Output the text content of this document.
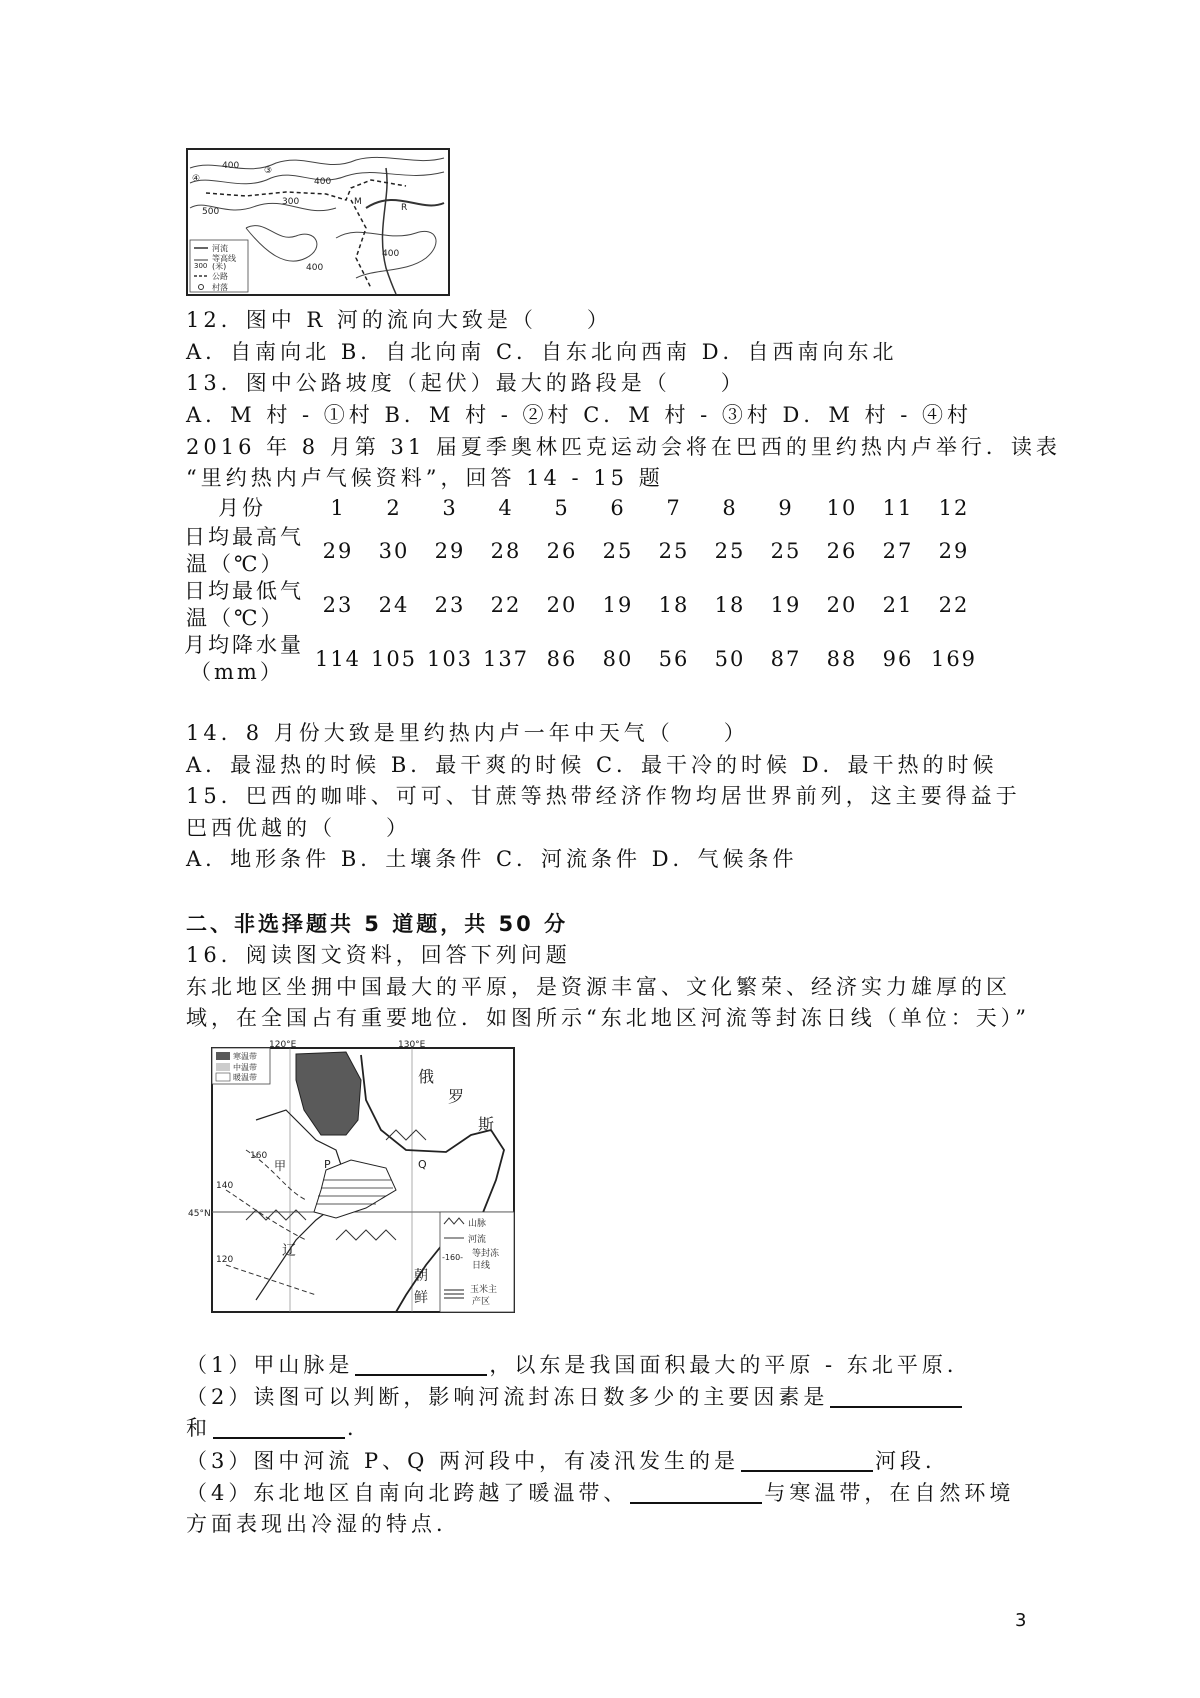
④
③
M
R
400
400
300
500
400
400
河流
等高线
(米)
300
公路
村落
12．图中 R 河的流向大致是（　　）
A．自南向北 B．自北向南 C．自东北向西南 D．自西南向东北
13．图中公路坡度（起伏）最大的路段是（　　）
A．M 村 - ①村 B．M 村 - ②村 C．M 村 - ③村 D．M 村 - ④村
2016 年 8 月第 31 届夏季奥林匹克运动会将在巴西的里约热内卢举行．读表
“里约热内卢气候资料”，回答 14 - 15 题
月份	1	2	3	4	5	6	7	8	9	10	11	12
日均最高气
温（℃）	29	30	29	28	26	25	25	25	25	26	27	29
日均最低气
温（℃）	23	24	23	22	20	19	18	18	19	20	21	22
月均降水量
（mm）	114	105	103	137	86	80	56	50	87	88	96	169
14．8 月份大致是里约热内卢一年中天气（　　）
A．最湿热的时候 B．最干爽的时候 C．最干冷的时候 D．最干热的时候
15．巴西的咖啡、可可、甘蔗等热带经济作物均居世界前列，这主要得益于
巴西优越的（　　）
A．地形条件 B．土壤条件 C．河流条件 D．气候条件
二、非选择题共 5 道题，共 50 分
16．阅读图文资料，回答下列问题
东北地区坐拥中国最大的平原，是资源丰富、文化繁荣、经济实力雄厚的区
域，在全国占有重要地位．如图所示“东北地区河流等封冻日线（单位：天）”
120°E	130°E
45°N
寒温带
中温带
暖温带	俄
罗
斯
甲	P	Q
辽
朝
鲜
160
140
120
山脉
河流
-160- 等封冻
日线
玉米主
产区
（1）甲山脉是	，以东是我国面积最大的平原 - 东北平原．
（2）读图可以判断，影响河流封冻日数多少的主要因素是
和	．
（3）图中河流 P、Q 两河段中，有凌汛发生的是	河段．
（4）东北地区自南向北跨越了暖温带、	与寒温带，在自然环境
方面表现出冷湿的特点．
3
